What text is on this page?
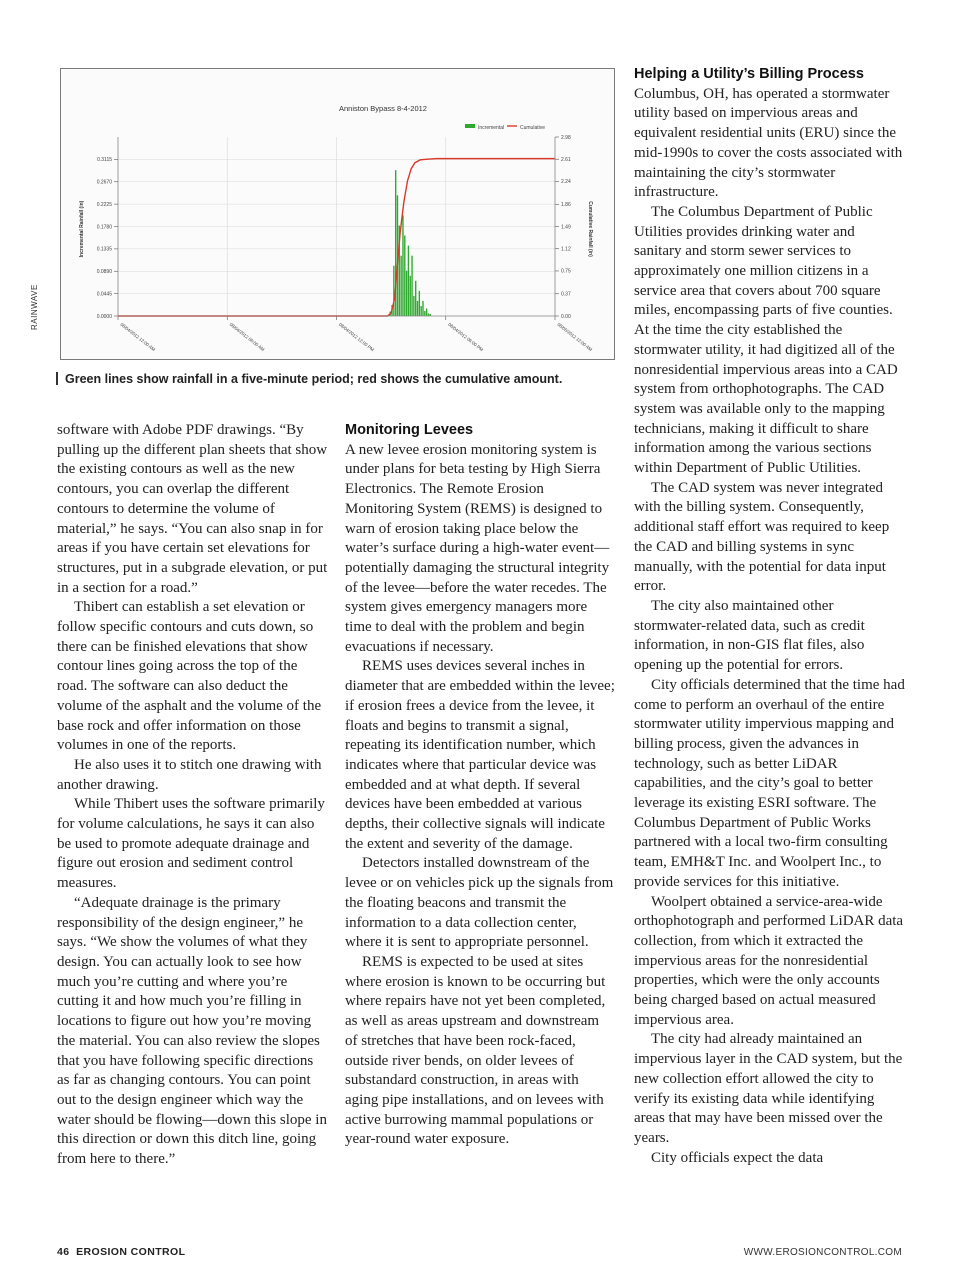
Anniston Bypass 8-4-2012
Incremental	Cumulative
0.3115
0.2670
0.2225
0.1780
0.1335
0.0890
0.0445
0.0000
2.98
2.61
2.24
1.86
1.49
1.12
0.75
0.37
0.00
08/04/2012 12:00 AM	08/04/2012 06:00 AM	08/04/2012 12:00 PM	08/04/2012 06:00 PM	08/05/2012 12:00 AM
Incremental Rainfall (in)	Cumulative Rainfall (in)
RAINWAVE
Green lines show rainfall in a five-minute period; red shows the cumulative amount.

software with Adobe PDF drawings. “By pulling up the different plan sheets that show the existing contours as well as the new contours, you can overlap the different contours to determine the volume of material,” he says. “You can also snap in for areas if you have certain set elevations for structures, put in a subgrade elevation, or put in a section for a road.”

Thibert can establish a set elevation or follow specific contours and cuts down, so there can be finished elevations that show contour lines going across the top of the road. The software can also deduct the volume of the asphalt and the volume of the base rock and offer information on those volumes in one of the reports.

He also uses it to stitch one drawing with another drawing.

While Thibert uses the software primarily for volume calculations, he says it can also be used to promote adequate drainage and figure out erosion and sediment control measures.

“Adequate drainage is the primary responsibility of the design engineer,” he says. “We show the volumes of what they design. You can actually look to see how much you’re cutting and where you’re cutting it and how much you’re filling in locations to figure out how you’re moving the material. You can also review the slopes that you have following specific directions as far as changing contours. You can point out to the design engineer which way the water should be flowing—down this slope in this direction or down this ditch line, going from here to there.”

Monitoring Levees

A new levee erosion monitoring system is under plans for beta testing by High Sierra Electronics. The Remote Erosion Monitoring System (REMS) is designed to warn of erosion taking place below the water’s surface during a high-water event—potentially damaging the structural integrity of the levee—before the water recedes. The system gives emergency managers more time to deal with the problem and begin evacuations if necessary.

REMS uses devices several inches in diameter that are embedded within the levee; if erosion frees a device from the levee, it floats and begins to transmit a signal, repeating its identification number, which indicates where that particular device was embedded and at what depth. If several devices have been embedded at various depths, their collective signals will indicate the extent and severity of the damage.

Detectors installed downstream of the levee or on vehicles pick up the signals from the floating beacons and transmit the information to a data collection center, where it is sent to appropriate personnel.

REMS is expected to be used at sites where erosion is known to be occurring but where repairs have not yet been completed, as well as areas upstream and downstream of stretches that have been rock-faced, outside river bends, on older levees of substandard construction, in areas with aging pipe installations, and on levees with active burrowing mammal populations or year-round water exposure.

Helping a Utility’s Billing Process

Columbus, OH, has operated a stormwater utility based on impervious areas and equivalent residential units (ERU) since the mid-1990s to cover the costs associated with maintaining the city’s stormwater infrastructure.

The Columbus Department of Public Utilities provides drinking water and sanitary and storm sewer services to approximately one million citizens in a service area that covers about 700 square miles, encompassing parts of five counties. At the time the city established the stormwater utility, it had digitized all of the nonresidential impervious areas into a CAD system from orthophotographs. The CAD system was available only to the mapping technicians, making it difficult to share information among the various sections within Department of Public Utilities.

The CAD system was never integrated with the billing system. Consequently, additional staff effort was required to keep the CAD and billing systems in sync manually, with the potential for data input error.

The city also maintained other stormwater-related data, such as credit information, in non-GIS flat files, also opening up the potential for errors.

City officials determined that the time had come to perform an overhaul of the entire stormwater utility impervious mapping and billing process, given the advances in technology, such as better LiDAR capabilities, and the city’s goal to better leverage its existing ESRI software. The Columbus Department of Public Works partnered with a local two-firm consulting team, EMH&T Inc. and Woolpert Inc., to provide services for this initiative.

Woolpert obtained a service-area-wide orthophotograph and performed LiDAR data collection, from which it extracted the impervious areas for the nonresidential properties, which were the only accounts being charged based on actual measured impervious area.

The city had already maintained an impervious layer in the CAD system, but the new collection effort allowed the city to verify its existing data while identifying areas that may have been missed over the years.

City officials expect the data

46 EROSION CONTROL	WWW.EROSIONCONTROL.COM
